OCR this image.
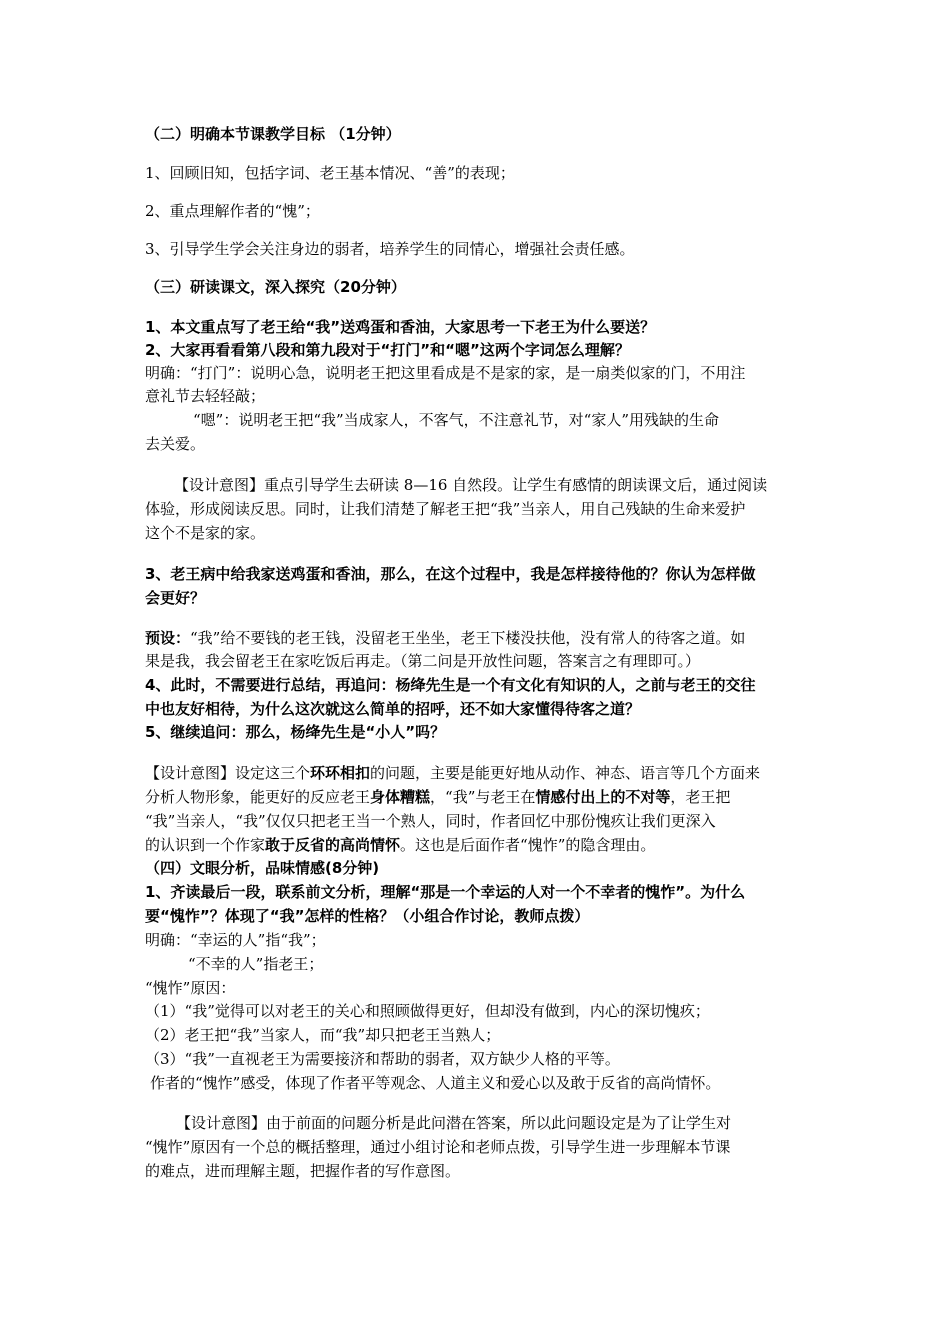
（二）明确本节课教学目标 （1分钟）
1、回顾旧知，包括字词、老王基本情况、“善”的表现；
2、重点理解作者的“愧”；
3、引导学生学会关注身边的弱者，培养学生的同情心，增强社会责任感。
（三）研读课文，深入探究（20分钟）
1、本文重点写了老王给“我”送鸡蛋和香油，大家思考一下老王为什么要送？
2、大家再看看第八段和第九段对于“打门”和“嗯”这两个字词怎么理解？
明确：“打门”：说明心急，说明老王把这里看成是不是家的家，是一扇类似家的门，不用注
意礼节去轻轻敲；
“嗯”：说明老王把“我”当成家人，不客气，不注意礼节，对“家人”用残缺的生命
去关爱。
【设计意图】重点引导学生去研读 8—16 自然段。让学生有感情的朗读课文后，通过阅读
体验，形成阅读反思。同时，让我们清楚了解老王把“我”当亲人，用自己残缺的生命来爱护
这个不是家的家。
3、老王病中给我家送鸡蛋和香油，那么，在这个过程中，我是怎样接待他的？你认为怎样做
会更好？
预设：“我”给不要钱的老王钱，没留老王坐坐，老王下楼没扶他，没有常人的待客之道。如
果是我，我会留老王在家吃饭后再走。（第二问是开放性问题，答案言之有理即可。）
4、此时，不需要进行总结，再追问：杨绛先生是一个有文化有知识的人，之前与老王的交往
中也友好相待，为什么这次就这么简单的招呼，还不如大家懂得待客之道？
5、继续追问：那么，杨绛先生是“小人”吗？
【设计意图】设定这三个环环相扣的问题，主要是能更好地从动作、神态、语言等几个方面来
分析人物形象，能更好的反应老王身体糟糕，“我”与老王在情感付出上的不对等，老王把
“我”当亲人，“我”仅仅只把老王当一个熟人，同时，作者回忆中那份愧疚让我们更深入
的认识到一个作家敢于反省的高尚情怀。这也是后面作者“愧怍”的隐含理由。
（四）文眼分析，品味情感(8分钟)
1、齐读最后一段，联系前文分析，理解“那是一个幸运的人对一个不幸者的愧怍”。为什么
要“愧怍”？体现了“我”怎样的性格？（小组合作讨论，教师点拨）
明确：“幸运的人”指“我”；
“不幸的人”指老王；
“愧怍”原因：
（1）“我”觉得可以对老王的关心和照顾做得更好，但却没有做到，内心的深切愧疚；
（2）老王把“我”当家人，而“我”却只把老王当熟人；
（3）“我”一直视老王为需要接济和帮助的弱者，双方缺少人格的平等。
作者的“愧怍”感受，体现了作者平等观念、人道主义和爱心以及敢于反省的高尚情怀。
【设计意图】由于前面的问题分析是此问潜在答案，所以此问题设定是为了让学生对
“愧怍”原因有一个总的概括整理，通过小组讨论和老师点拨，引导学生进一步理解本节课
的难点，进而理解主题，把握作者的写作意图。
